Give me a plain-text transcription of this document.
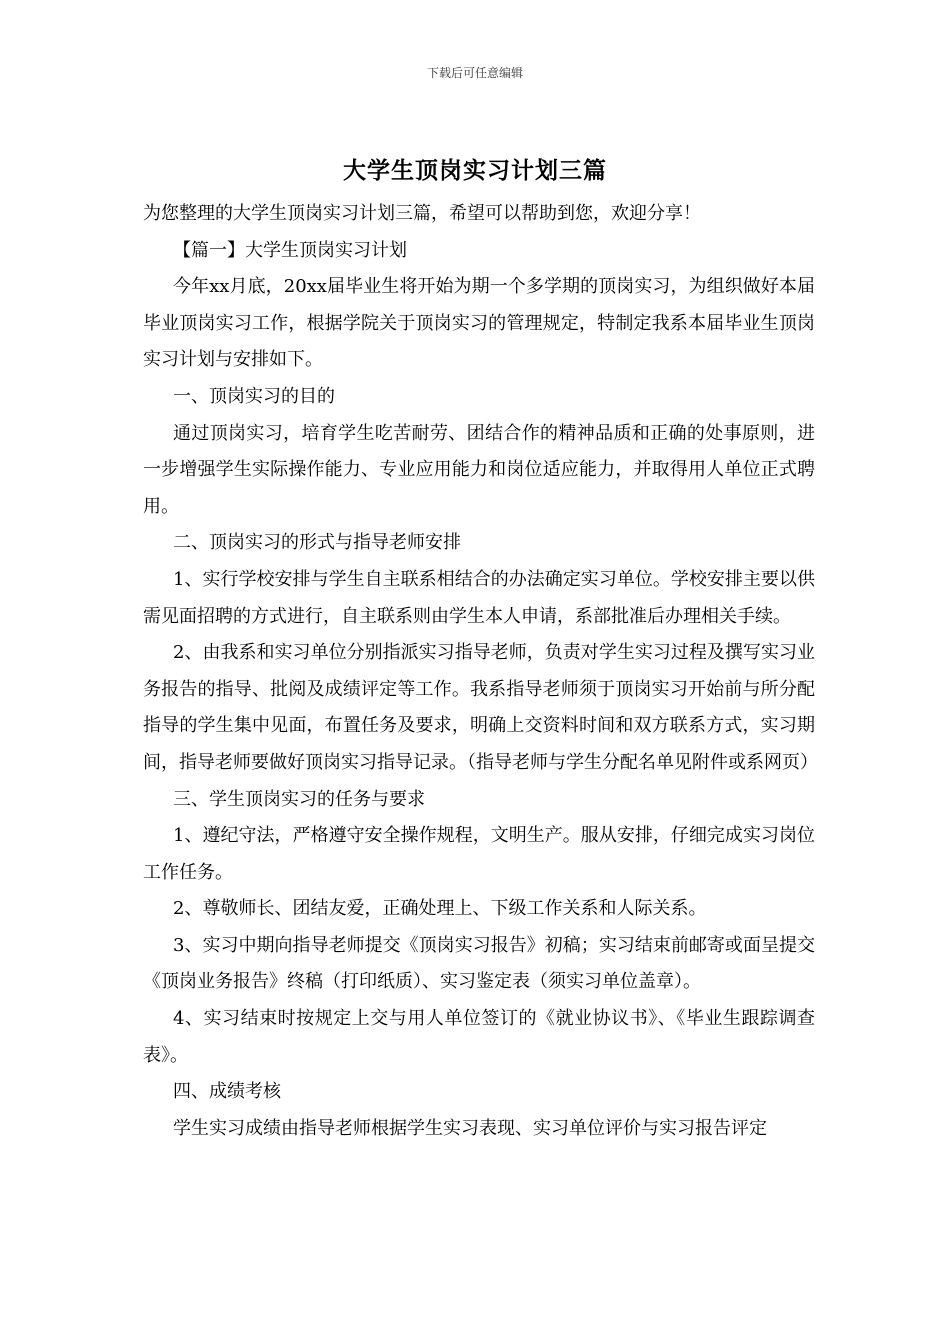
下载后可任意编辑
大学生顶岗实习计划三篇

为您整理的大学生顶岗实习计划三篇，希望可以帮助到您，欢迎分享！

【篇一】大学生顶岗实习计划

今年xx月底，20xx届毕业生将开始为期一个多学期的顶岗实习，为组织做好本届毕业顶岗实习工作，根据学院关于顶岗实习的管理规定，特制定我系本届毕业生顶岗实习计划与安排如下。

一、顶岗实习的目的

通过顶岗实习，培育学生吃苦耐劳、团结合作的精神品质和正确的处事原则，进一步增强学生实际操作能力、专业应用能力和岗位适应能力，并取得用人单位正式聘用。

二、顶岗实习的形式与指导老师安排

1、实行学校安排与学生自主联系相结合的办法确定实习单位。学校安排主要以供需见面招聘的方式进行，自主联系则由学生本人申请，系部批准后办理相关手续。

2、由我系和实习单位分别指派实习指导老师，负责对学生实习过程及撰写实习业务报告的指导、批阅及成绩评定等工作。我系指导老师须于顶岗实习开始前与所分配指导的学生集中见面，布置任务及要求，明确上交资料时间和双方联系方式，实习期间，指导老师要做好顶岗实习指导记录。（指导老师与学生分配名单见附件或系网页）

三、学生顶岗实习的任务与要求

1、遵纪守法，严格遵守安全操作规程，文明生产。服从安排，仔细完成实习岗位工作任务。

2、尊敬师长、团结友爱，正确处理上、下级工作关系和人际关系。

3、实习中期向指导老师提交《顶岗实习报告》初稿；实习结束前邮寄或面呈提交《顶岗业务报告》终稿（打印纸质）、实习鉴定表（须实习单位盖章）。

4、实习结束时按规定上交与用人单位签订的《就业协议书》、《毕业生跟踪调查表》。

四、成绩考核

学生实习成绩由指导老师根据学生实习表现、实习单位评价与实习报告评定
